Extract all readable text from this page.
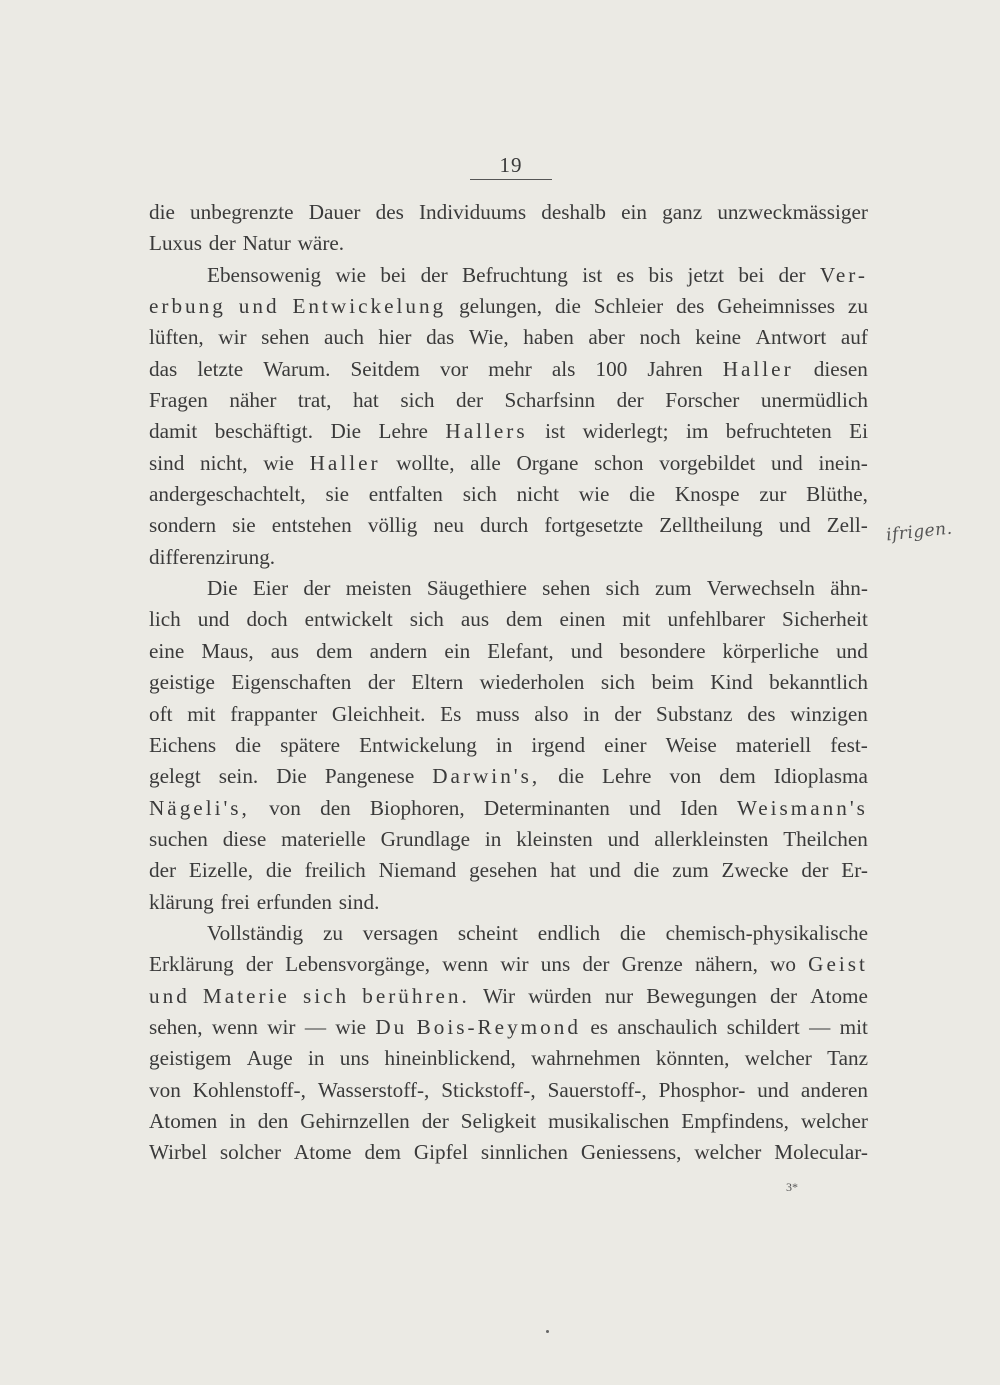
19
die unbegrenzte Dauer des Individuums deshalb ein ganz unzweckmässiger
Luxus der Natur wäre.
Ebensowenig wie bei der Befruchtung ist es bis jetzt bei der Ver-
erbung und Entwickelung gelungen, die Schleier des Geheimnisses zu
lüften, wir sehen auch hier das Wie, haben aber noch keine Antwort auf
das letzte Warum. Seitdem vor mehr als 100 Jahren Haller diesen
Fragen näher trat, hat sich der Scharfsinn der Forscher unermüdlich
damit beschäftigt. Die Lehre Hallers ist widerlegt; im befruchteten Ei
sind nicht, wie Haller wollte, alle Organe schon vorgebildet und inein-
andergeschachtelt, sie entfalten sich nicht wie die Knospe zur Blüthe,
sondern sie entstehen völlig neu durch fortgesetzte Zelltheilung und Zell-
differenzirung.
Die Eier der meisten Säugethiere sehen sich zum Verwechseln ähn-
lich und doch entwickelt sich aus dem einen mit unfehlbarer Sicherheit
eine Maus, aus dem andern ein Elefant, und besondere körperliche und
geistige Eigenschaften der Eltern wiederholen sich beim Kind bekanntlich
oft mit frappanter Gleichheit. Es muss also in der Substanz des winzigen
Eichens die spätere Entwickelung in irgend einer Weise materiell fest-
gelegt sein. Die Pangenese Darwin's, die Lehre von dem Idioplasma
Nägeli's, von den Biophoren, Determinanten und Iden Weismann's
suchen diese materielle Grundlage in kleinsten und allerkleinsten Theilchen
der Eizelle, die freilich Niemand gesehen hat und die zum Zwecke der Er-
klärung frei erfunden sind.
Vollständig zu versagen scheint endlich die chemisch-physikalische
Erklärung der Lebensvorgänge, wenn wir uns der Grenze nähern, wo Geist
und Materie sich berühren. Wir würden nur Bewegungen der Atome
sehen, wenn wir — wie Du Bois-Reymond es anschaulich schildert — mit
geistigem Auge in uns hineinblickend, wahrnehmen könnten, welcher Tanz
von Kohlenstoff-, Wasserstoff-, Stickstoff-, Sauerstoff-, Phosphor- und anderen
Atomen in den Gehirnzellen der Seligkeit musikalischen Empfindens, welcher
Wirbel solcher Atome dem Gipfel sinnlichen Geniessens, welcher Molecular-
ifrigen.
3*
